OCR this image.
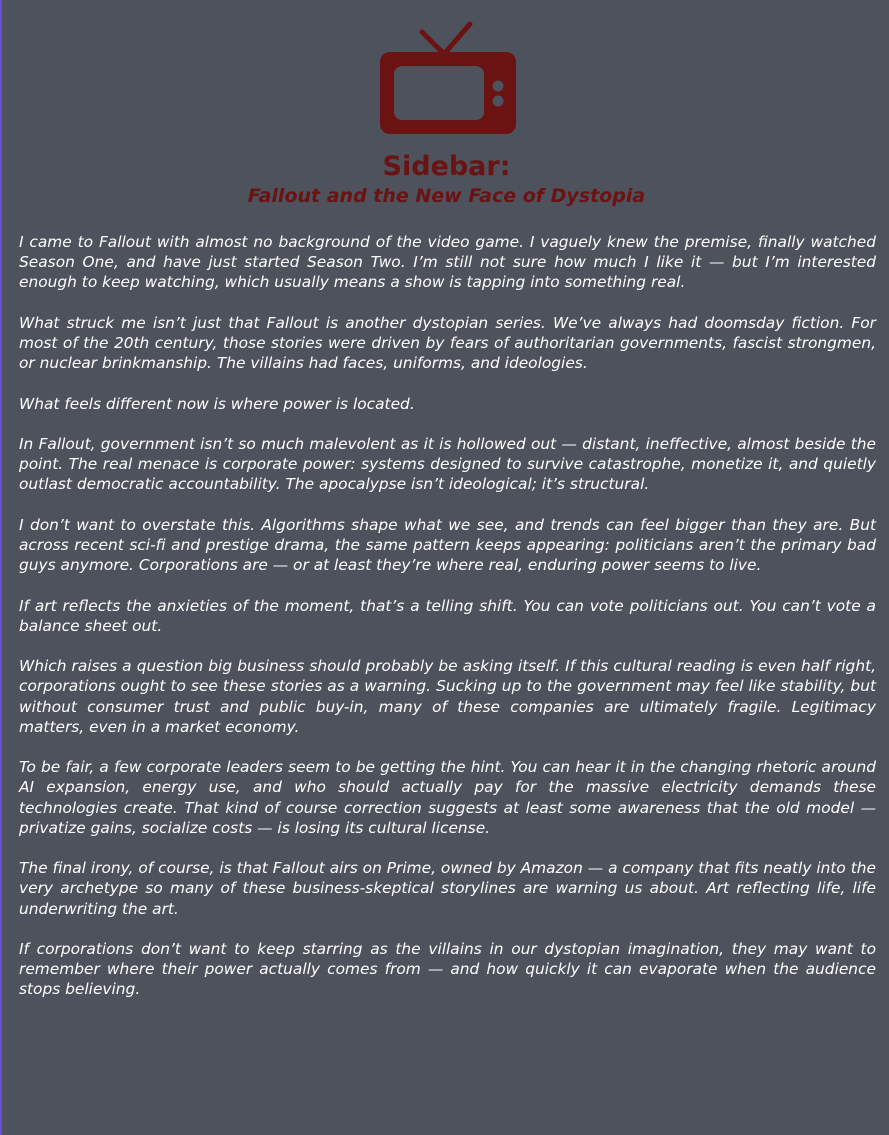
Sidebar:
Fallout and the New Face of Dystopia

I came to Fallout with almost no background of the video game. I vaguely knew the premise, finally watched Season One, and have just started Season Two. I’m still not sure how much I like it — but I’m interested enough to keep watching, which usually means a show is tapping into something real.

What struck me isn’t just that Fallout is another dystopian series. We’ve always had doomsday fiction. For most of the 20th century, those stories were driven by fears of authoritarian governments, fascist strongmen, or nuclear brinkmanship. The villains had faces, uniforms, and ideologies.

What feels different now is where power is located.

In Fallout, government isn’t so much malevolent as it is hollowed out — distant, ineffective, almost beside the point. The real menace is corporate power: systems designed to survive catastrophe, monetize it, and quietly outlast democratic accountability. The apocalypse isn’t ideological; it’s structural.

I don’t want to overstate this. Algorithms shape what we see, and trends can feel bigger than they are. But across recent sci-fi and prestige drama, the same pattern keeps appearing: politicians aren’t the primary bad guys anymore. Corporations are — or at least they’re where real, enduring power seems to live.

If art reflects the anxieties of the moment, that’s a telling shift. You can vote politicians out. You can’t vote a balance sheet out.

Which raises a question big business should probably be asking itself. If this cultural reading is even half right, corporations ought to see these stories as a warning. Sucking up to the government may feel like stability, but without consumer trust and public buy-in, many of these companies are ultimately fragile. Legitimacy matters, even in a market economy.

To be fair, a few corporate leaders seem to be getting the hint. You can hear it in the changing rhetoric around AI expansion, energy use, and who should actually pay for the massive electricity demands these technologies create. That kind of course correction suggests at least some awareness that the old model — privatize gains, socialize costs — is losing its cultural license.

The final irony, of course, is that Fallout airs on Prime, owned by Amazon — a company that fits neatly into the very archetype so many of these business-skeptical storylines are warning us about. Art reflecting life, life underwriting the art.

If corporations don’t want to keep starring as the villains in our dystopian imagination, they may want to remember where their power actually comes from — and how quickly it can evaporate when the audience stops believing.
